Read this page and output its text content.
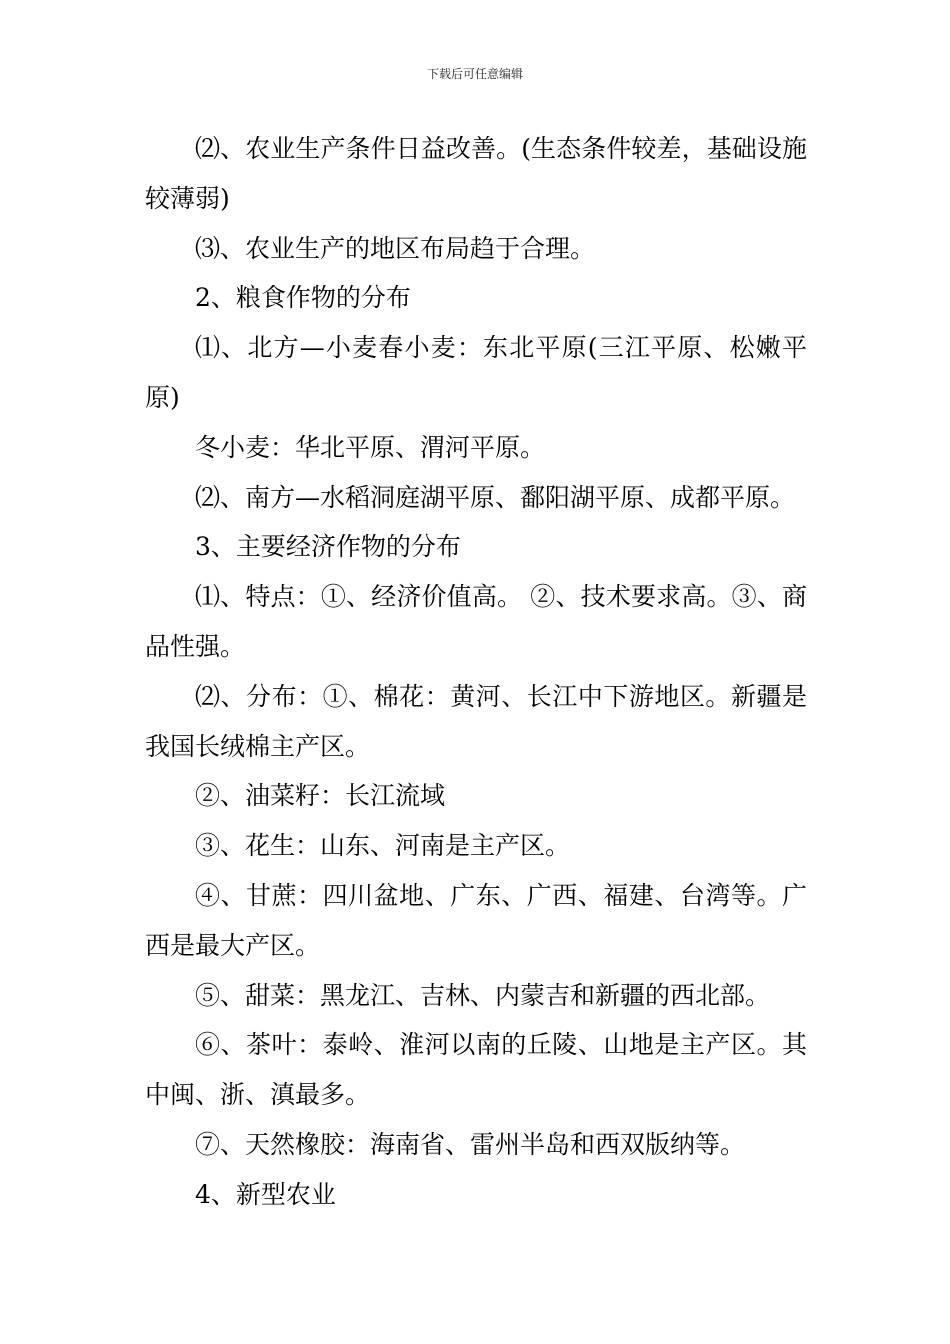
下载后可任意编辑

⑵、农业生产条件日益改善。(生态条件较差，基础设施较薄弱)

⑶、农业生产的地区布局趋于合理。

2、粮食作物的分布

⑴、北方—小麦春小麦：东北平原(三江平原、松嫩平原)

冬小麦：华北平原、渭河平原。

⑵、南方—水稻洞庭湖平原、鄱阳湖平原、成都平原。

3、主要经济作物的分布

⑴、特点：①、经济价值高。 ②、技术要求高。③、商品性强。

⑵、分布：①、棉花：黄河、长江中下游地区。新疆是我国长绒棉主产区。

②、油菜籽：长江流域

③、花生：山东、河南是主产区。

④、甘蔗：四川盆地、广东、广西、福建、台湾等。广西是最大产区。

⑤、甜菜：黑龙江、吉林、内蒙吉和新疆的西北部。

⑥、茶叶：泰岭、淮河以南的丘陵、山地是主产区。其中闽、浙、滇最多。

⑦、天然橡胶：海南省、雷州半岛和西双版纳等。

4、新型农业
